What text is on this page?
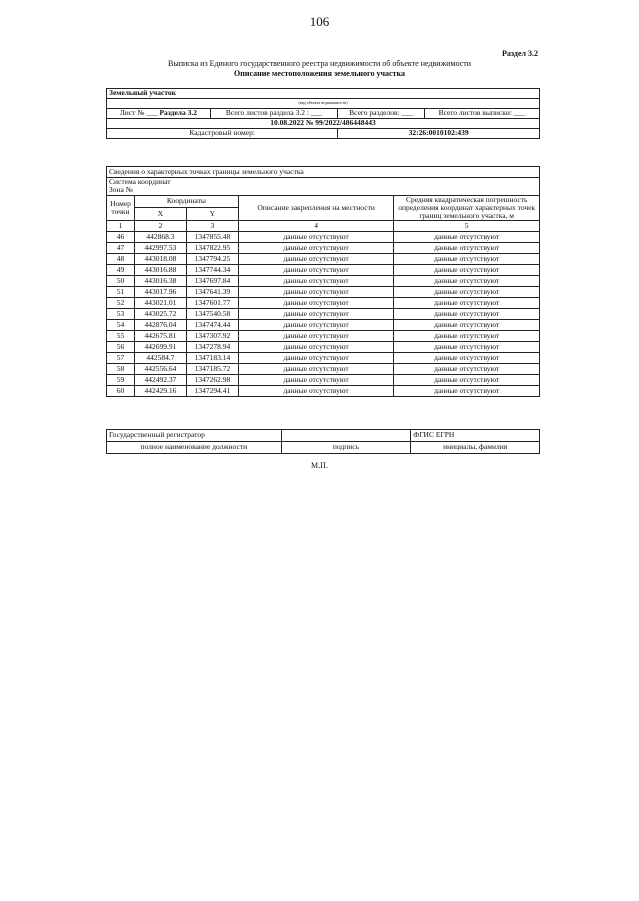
106
Раздел 3.2
Выписка из Единого государственного реестра недвижимости об объекте недвижимости
Описание местоположения земельного участка
Земельный участок			
(вид объекта недвижимости)			
Лист № ___ Раздела 3.2	Всего листов раздела 3.2 : ___	Всего разделов: ___	Всего листов выписки: ___
10.08.2022 № 99/2022/486448443			
Кадастровый номер:		32:26:0010102:439	
Сведения о характерных точках границы земельного участка				

Система координат
Зона №				

Номер точки	Координаты		Описание закрепления на местности	Средняя квадратическая погрешность определения координат характерных точек границ земельного участка, м
	X	Y		
1	2	3	4	5
46	442868.3	1347855.48	данные отсутствуют	данные отсутствуют
47	442997.53	1347822.95	данные отсутствуют	данные отсутствуют
48	443018.08	1347794.25	данные отсутствуют	данные отсутствуют
49	443016.88	1347744.34	данные отсутствуют	данные отсутствуют
50	443016.38	1347697.84	данные отсутствуют	данные отсутствуют
51	443017.96	1347641.39	данные отсутствуют	данные отсутствуют
52	443021.01	1347601.77	данные отсутствуют	данные отсутствуют
53	443025.72	1347540.58	данные отсутствуют	данные отсутствуют
54	442876.04	1347474.44	данные отсутствуют	данные отсутствуют
55	442675.81	1347307.92	данные отсутствуют	данные отсутствуют
56	442699.91	1347278.94	данные отсутствуют	данные отсутствуют
57	442584.7	1347183.14	данные отсутствуют	данные отсутствуют
58	442556.64	1347185.72	данные отсутствуют	данные отсутствуют
59	442492.37	1347262.98	данные отсутствуют	данные отсутствуют
60	442429.16	1347294.41	данные отсутствуют	данные отсутствуют
Государственный регистратор		ФГИС ЕГРН
полное наименование должности	подпись	инициалы, фамилия
М.П.
